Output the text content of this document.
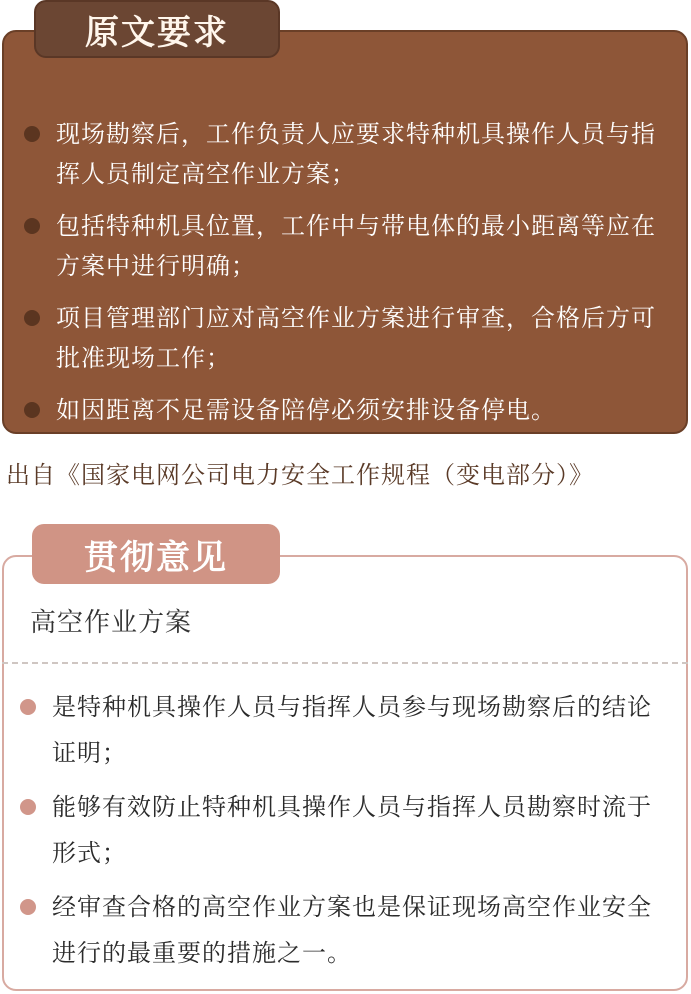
现场勘察后，工作负责人应要求特种机具操作人员与指挥人员制定高空作业方案；
包括特种机具位置，工作中与带电体的最小距离等应在方案中进行明确；
项目管理部门应对高空作业方案进行审查，合格后方可批准现场工作；
如因距离不足需设备陪停必须安排设备停电。
原文要求
出自《国家电网公司电力安全工作规程（变电部分）》
贯彻意见
高空作业方案
是特种机具操作人员与指挥人员参与现场勘察后的结论证明；
能够有效防止特种机具操作人员与指挥人员勘察时流于形式；
经审查合格的高空作业方案也是保证现场高空作业安全进行的最重要的措施之一。
